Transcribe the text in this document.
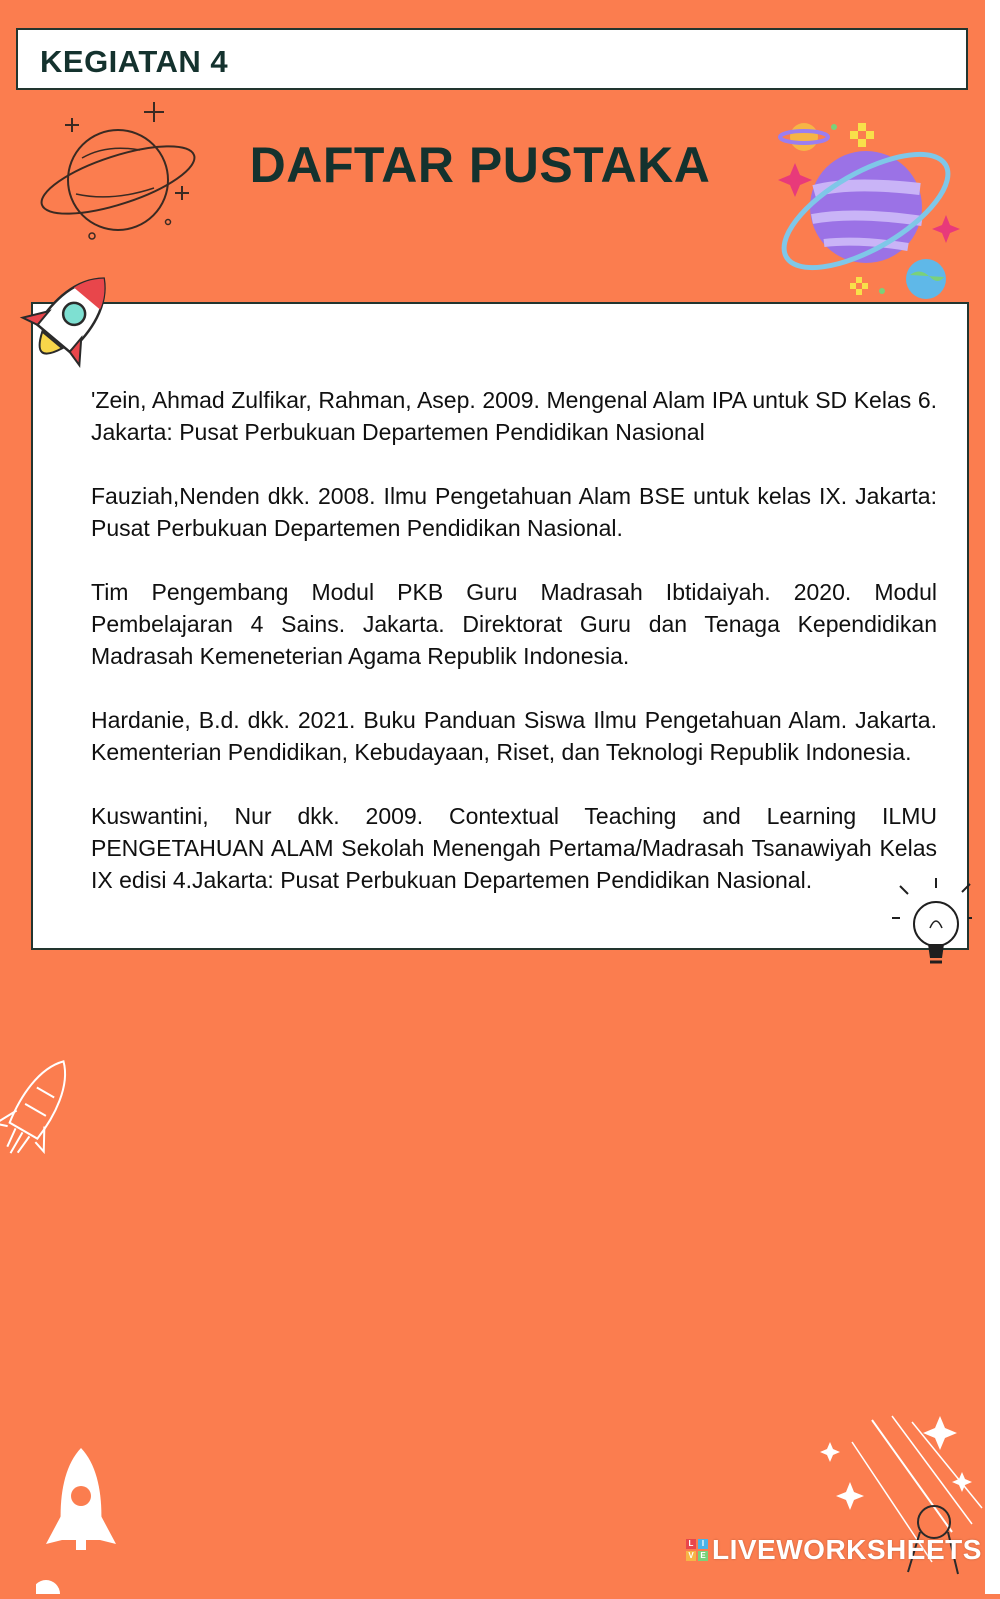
KEGIATAN 4
DAFTAR PUSTAKA

'Zein, Ahmad Zulfikar, Rahman, Asep. 2009. Mengenal Alam IPA untuk SD Kelas 6. Jakarta: Pusat Perbukuan Departemen Pendidikan Nasional

Fauziah,Nenden dkk. 2008. Ilmu Pengetahuan Alam BSE untuk kelas IX. Jakarta: Pusat Perbukuan Departemen Pendidikan Nasional.

Tim Pengembang Modul PKB Guru Madrasah Ibtidaiyah. 2020. Modul Pembelajaran 4 Sains. Jakarta. Direktorat Guru dan Tenaga Kependidikan Madrasah Kemeneterian Agama Republik Indonesia.

Hardanie, B.d. dkk. 2021. Buku Panduan Siswa Ilmu Pengetahuan Alam. Jakarta. Kementerian Pendidikan, Kebudayaan, Riset, dan Teknologi Republik Indonesia.

Kuswantini, Nur dkk. 2009. Contextual Teaching and Learning ILMU PENGETAHUAN ALAM Sekolah Menengah Pertama/Madrasah Tsanawiyah Kelas IX edisi 4.Jakarta: Pusat Perbukuan Departemen Pendidikan Nasional.

L	I
V E LIVEWORKSHEETS
